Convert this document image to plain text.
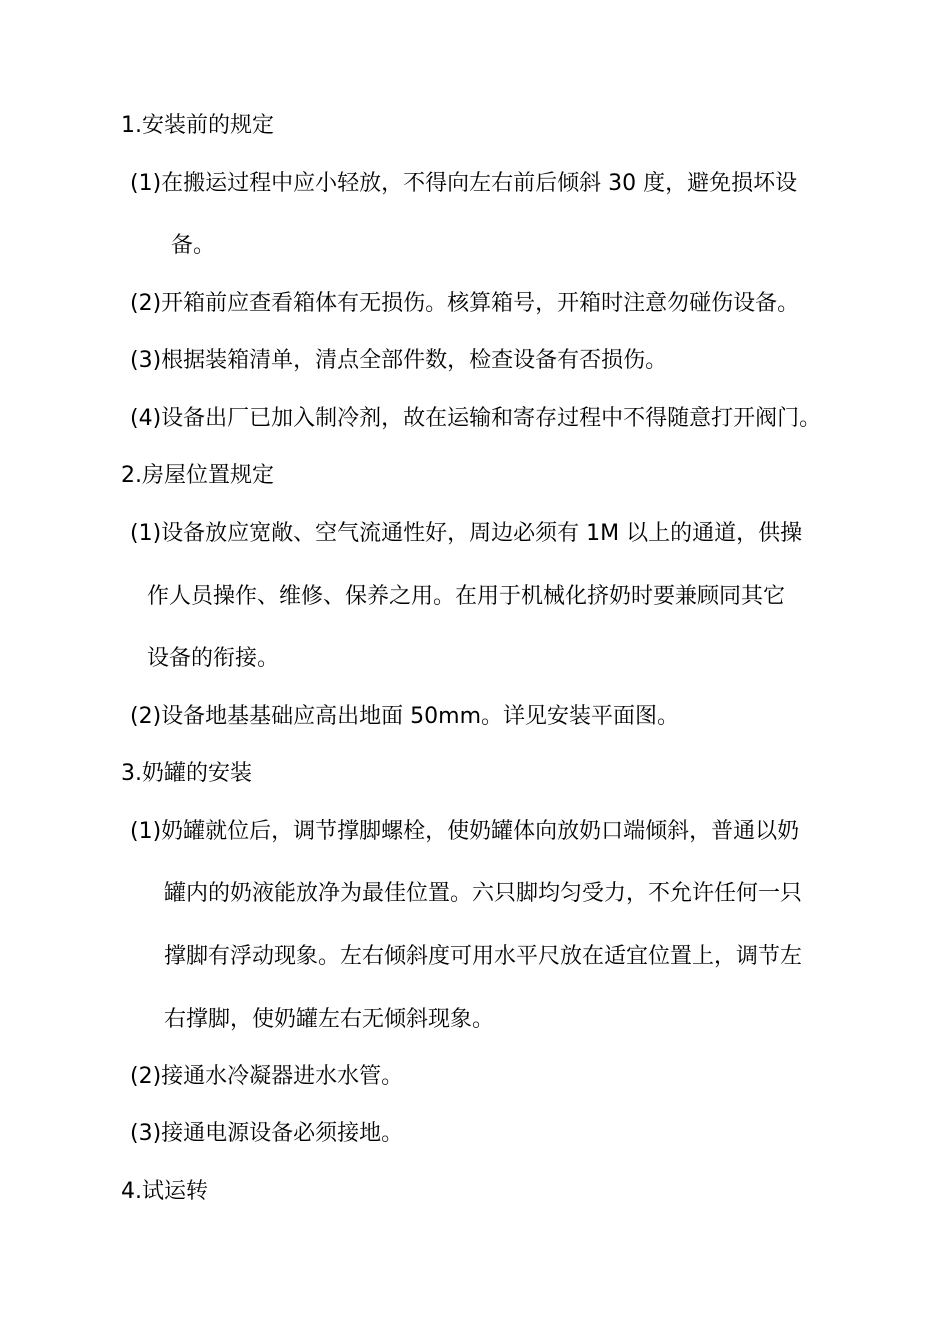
1.安装前的规定
(1)在搬运过程中应小轻放，不得向左右前后倾斜 30 度，避免损坏设
备。
(2)开箱前应查看箱体有无损伤。核算箱号，开箱时注意勿碰伤设备。
(3)根据装箱清单，清点全部件数，检查设备有否损伤。
(4)设备出厂已加入制冷剂，故在运输和寄存过程中不得随意打开阀门。
2.房屋位置规定
(1)设备放应宽敞、空气流通性好，周边必须有 1M 以上的通道，供操
作人员操作、维修、保养之用。在用于机械化挤奶时要兼顾同其它
设备的衔接。
(2)设备地基基础应高出地面 50mm。详见安装平面图。
3.奶罐的安装
(1)奶罐就位后，调节撑脚螺栓，使奶罐体向放奶口端倾斜，普通以奶
罐内的奶液能放净为最佳位置。六只脚均匀受力，不允许任何一只
撑脚有浮动现象。左右倾斜度可用水平尺放在适宜位置上，调节左
右撑脚，使奶罐左右无倾斜现象。
(2)接通水冷凝器进水水管。
(3)接通电源设备必须接地。
4.试运转
